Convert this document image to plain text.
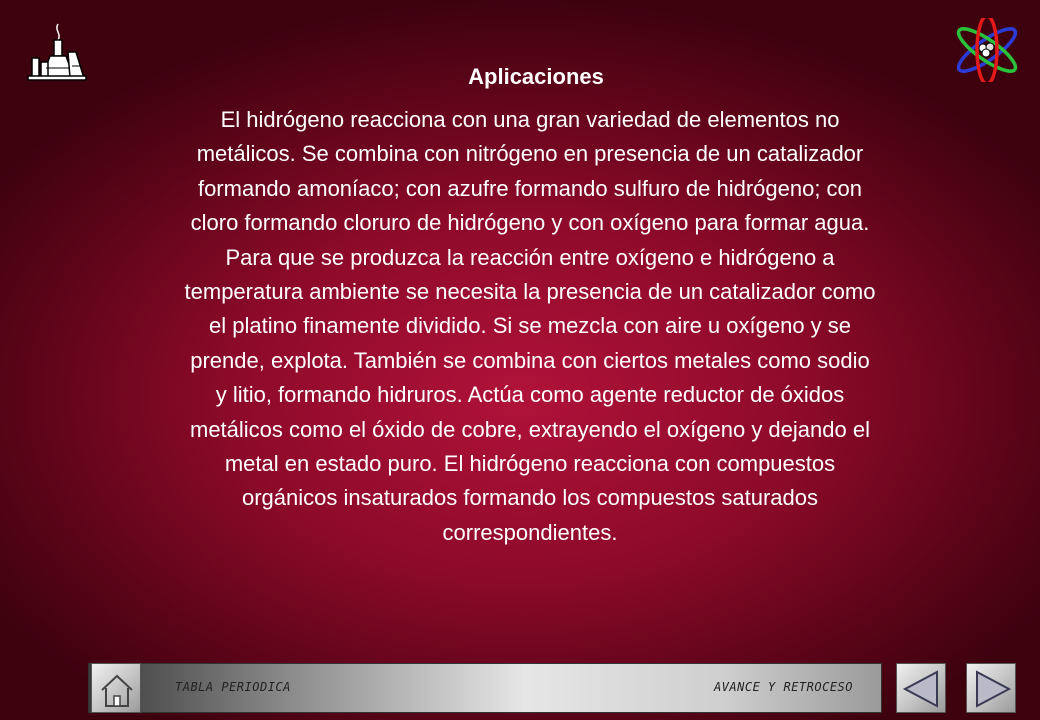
Aplicaciones
El hidrógeno reacciona con una gran variedad de elementos no
metálicos. Se combina con nitrógeno en presencia de un catalizador
formando amoníaco; con azufre formando sulfuro de hidrógeno; con
cloro formando cloruro de hidrógeno y con oxígeno para formar agua.
Para que se produzca la reacción entre oxígeno e hidrógeno a
temperatura ambiente se necesita la presencia de un catalizador como
el platino finamente dividido. Si se mezcla con aire u oxígeno y se
prende, explota. También se combina con ciertos metales como sodio
y litio, formando hidruros. Actúa como agente reductor de óxidos
metálicos como el óxido de cobre, extrayendo el oxígeno y dejando el
metal en estado puro. El hidrógeno reacciona con compuestos
orgánicos insaturados formando los compuestos saturados
correspondientes.
TABLA PERIODICA	AVANCE Y RETROCESO
